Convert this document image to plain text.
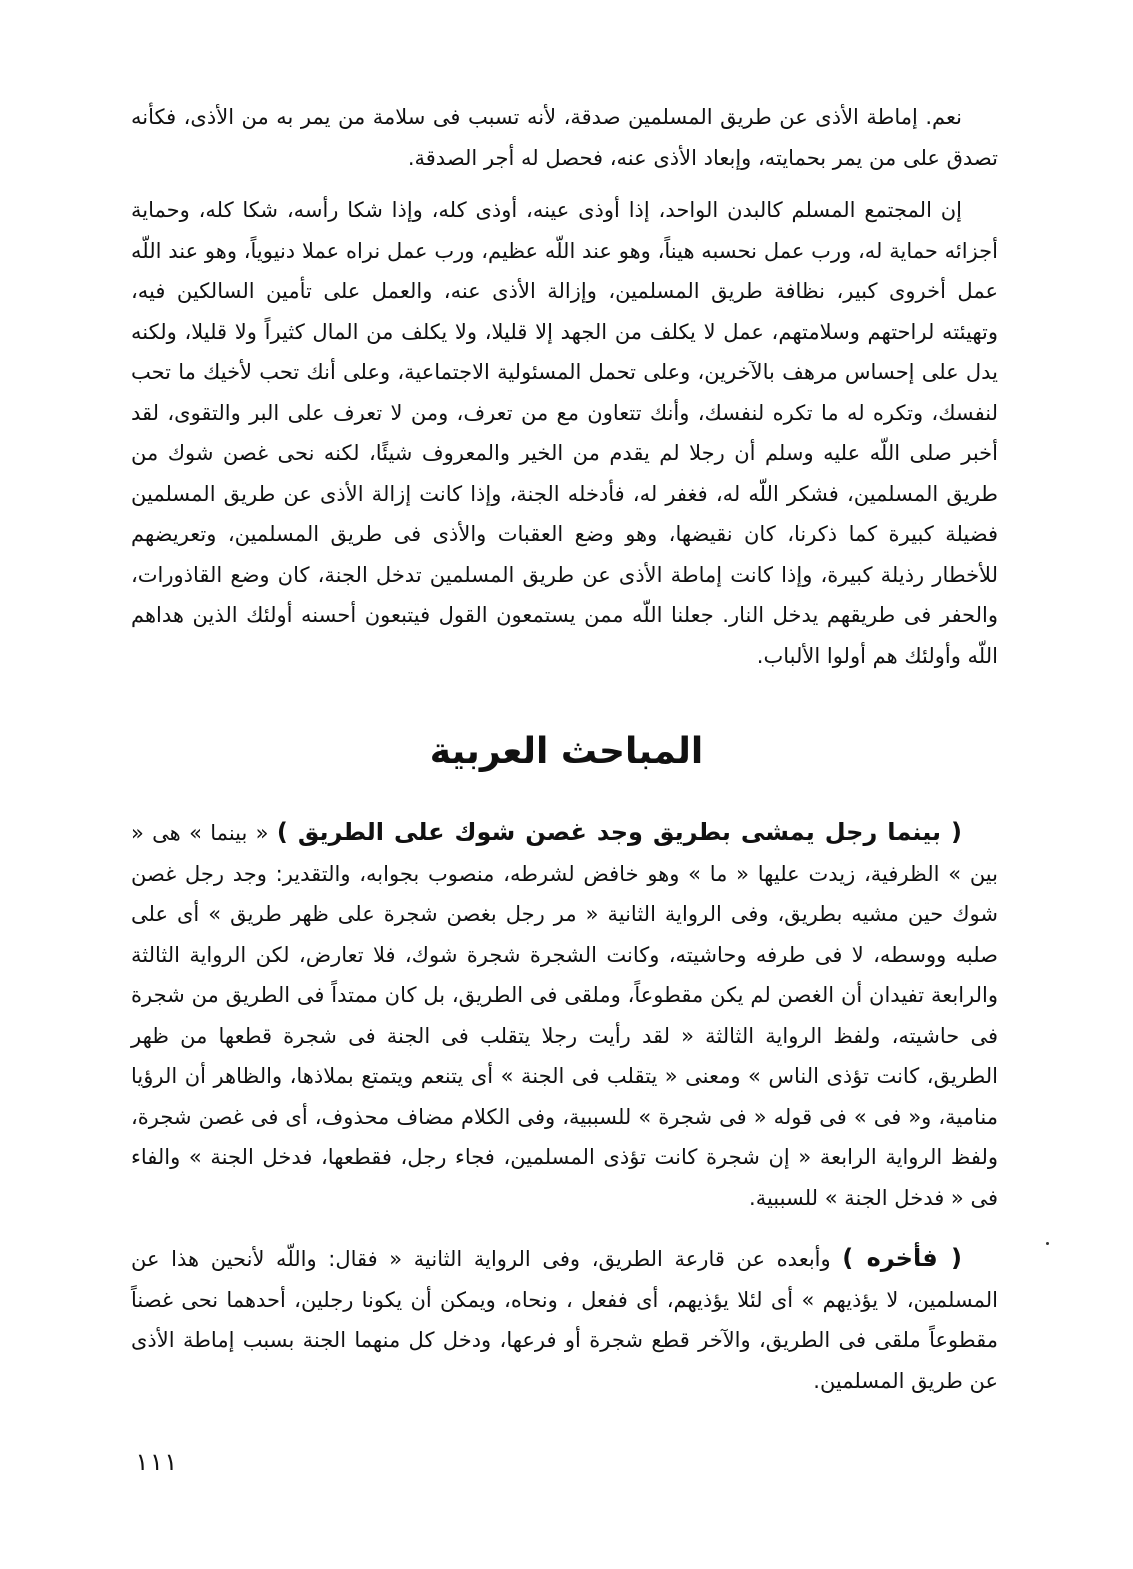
نعم. إماطة الأذى عن طريق المسلمين صدقة، لأنه تسبب فى سلامة من يمر به من الأذى، فكأنه تصدق على من يمر بحمايته، وإبعاد الأذى عنه، فحصل له أجر الصدقة.

إن المجتمع المسلم كالبدن الواحد، إذا أوذى عينه، أوذى كله، وإذا شكا رأسه، شكا كله، وحماية أجزائه حماية له، ورب عمل نحسبه هيناً، وهو عند اللّه عظيم، ورب عمل نراه عملا دنيوياً، وهو عند اللّه عمل أخروى كبير، نظافة طريق المسلمين، وإزالة الأذى عنه، والعمل على تأمين السالكين فيه، وتهيئته لراحتهم وسلامتهم، عمل لا يكلف من الجهد إلا قليلا، ولا يكلف من المال كثيراً ولا قليلا، ولكنه يدل على إحساس مرهف بالآخرين، وعلى تحمل المسئولية الاجتماعية، وعلى أنك تحب لأخيك ما تحب لنفسك، وتكره له ما تكره لنفسك، وأنك تتعاون مع من تعرف، ومن لا تعرف على البر والتقوى، لقد أخبر صلى اللّه عليه وسلم أن رجلا لم يقدم من الخير والمعروف شيئًا، لكنه نحى غصن شوك من طريق المسلمين، فشكر اللّه له، فغفر له، فأدخله الجنة، وإذا كانت إزالة الأذى عن طريق المسلمين فضيلة كبيرة كما ذكرنا، كان نقيضها، وهو وضع العقبات والأذى فى طريق المسلمين، وتعريضهم للأخطار رذيلة كبيرة، وإذا كانت إماطة الأذى عن طريق المسلمين تدخل الجنة، كان وضع القاذورات، والحفر فى طريقهم يدخل النار. جعلنا اللّه ممن يستمعون القول فيتبعون أحسنه أولئك الذين هداهم اللّه وأولئك هم أولوا الألباب.

المباحث العربية

( بينما رجل يمشى بطريق وجد غصن شوك على الطريق ) « بينما » هى « بين » الظرفية، زيدت عليها « ما » وهو خافض لشرطه، منصوب بجوابه، والتقدير: وجد رجل غصن شوك حين مشيه بطريق، وفى الرواية الثانية « مر رجل بغصن شجرة على ظهر طريق » أى على صلبه ووسطه، لا فى طرفه وحاشيته، وكانت الشجرة شجرة شوك، فلا تعارض، لكن الرواية الثالثة والرابعة تفيدان أن الغصن لم يكن مقطوعاً، وملقى فى الطريق، بل كان ممتداً فى الطريق من شجرة فى حاشيته، ولفظ الرواية الثالثة « لقد رأيت رجلا يتقلب فى الجنة فى شجرة قطعها من ظهر الطريق، كانت تؤذى الناس » ومعنى « يتقلب فى الجنة » أى يتنعم ويتمتع بملاذها، والظاهر أن الرؤيا منامية، و« فى » فى قوله « فى شجرة » للسببية، وفى الكلام مضاف محذوف، أى فى غصن شجرة، ولفظ الرواية الرابعة « إن شجرة كانت تؤذى المسلمين، فجاء رجل، فقطعها، فدخل الجنة » والفاء فى « فدخل الجنة » للسببية.

( فأخره ) وأبعده عن قارعة الطريق، وفى الرواية الثانية « فقال: واللّه لأنحين هذا عن المسلمين، لا يؤذيهم » أى لئلا يؤذيهم، أى ففعل ، ونحاه، ويمكن أن يكونا رجلين، أحدهما نحى غصناً مقطوعاً ملقى فى الطريق، والآخر قطع شجرة أو فرعها، ودخل كل منهما الجنة بسبب إماطة الأذى عن طريق المسلمين.

١١١
